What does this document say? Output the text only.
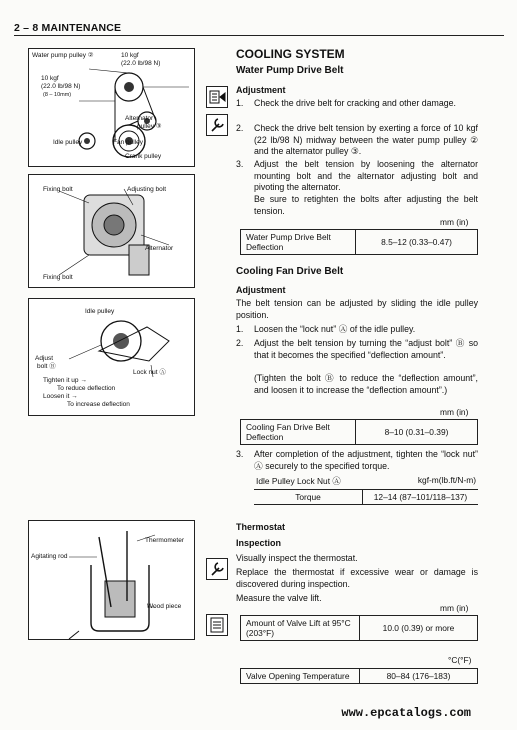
2 – 8 MAINTENANCE
Water pump pulley ②	10 kgf
(22.0 lb/98 N)
10 kgf
(22.0 lb/98 N)
(8 – 10mm)
Alternator
pulley ③
Idle pulley	Fan pulley
Crank pulley
Fixing bolt	Adjusting bolt
Alternator
Fixing bolt
Idle pulley
Adjust
bolt Ⓑ
Lock nut Ⓐ
Tighten it up →
To reduce deflection
Loosen it →
To increase deflection
Thermometer
Agitating rod
Wood piece
COOLING SYSTEM
Water Pump Drive Belt
Adjustment
1. Check the drive belt for cracking and other damage.
2. Check the drive belt tension by exerting a force of 10 kgf (22 lb/98 N) midway between the water pump pulley ② and the alternator pulley ③.
3. Adjust the belt tension by loosening the alternator mounting bolt and the alternator adjusting bolt and pivoting the alternator.
Be sure to retighten the bolts after adjusting the belt tension.
mm (in)
Water Pump Drive Belt Deflection	8.5–12 (0.33–0.47)
Cooling Fan Drive Belt
Adjustment
The belt tension can be adjusted by sliding the idle pulley position.
1. Loosen the “lock nut” Ⓐ of the idle pulley.
2. Adjust the belt tension by turning the “adjust bolt” Ⓑ so that it becomes the specified “deflection amount”.
(Tighten the bolt Ⓑ to reduce the “deflection amount”, and loosen it to increase the “deflection amount”.)
mm (in)
Cooling Fan Drive Belt Deflection	8–10 (0.31–0.39)
3. After completion of the adjustment, tighten the “lock nut” Ⓐ securely to the specified torque.
Idle Pulley Lock Nut Ⓐ	kgf-m(lb.ft/N-m)
Torque	12–14 (87–101/118–137)
Thermostat
Inspection
Visually inspect the thermostat.
Replace the thermostat if excessive wear or damage is discovered during inspection.
Measure the valve lift.
mm (in)
Amount of Valve Lift at 95°C (203°F)	10.0 (0.39) or more
°C(°F)
Valve Opening Temperature	80–84 (176–183)
www.epcatalogs.com
